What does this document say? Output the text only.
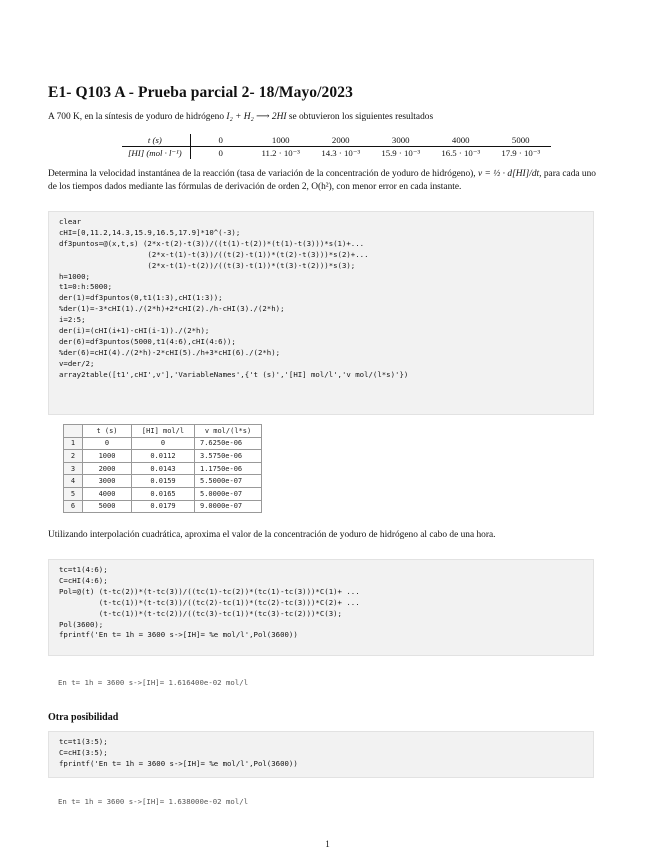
E1- Q103 A - Prueba parcial 2- 18/Mayo/2023
A 700 K, en la síntesis de yoduro de hidrógeno I₂ + H₂ ⟶ 2HI se obtuvieron los siguientes resultados
t (s)	0	1000	2000	3000	4000	5000
[HI] (mol · l⁻¹)	0	11.2 · 10⁻³	14.3 · 10⁻³	15.9 · 10⁻³	16.5 · 10⁻³	17.9 · 10⁻³
Determina la velocidad instantánea de la reacción (tasa de variación de la concentración de yoduro de hidrógeno), v = ½ · d[HI]/dt, para cada uno de los tiempos dados mediante las fórmulas de derivación de orden 2, O(h²), con menor error en cada instante.
clear
cHI=[0,11.2,14.3,15.9,16.5,17.9]*10^(-3);
df3puntos=@(x,t,s) (2*x-t(2)-t(3))/((t(1)-t(2))*(t(1)-t(3)))*s(1)+...
(2*x-t(1)-t(3))/((t(2)-t(1))*(t(2)-t(3)))*s(2)+...
(2*x-t(1)-t(2))/((t(3)-t(1))*(t(3)-t(2)))*s(3);
h=1000;
t1=0:h:5000;
der(1)=df3puntos(0,t1(1:3),cHI(1:3));
%der(1)=-3*cHI(1)./(2*h)+2*cHI(2)./h-cHI(3)./(2*h);
i=2:5;
der(i)=(cHI(i+1)-cHI(i-1))./(2*h);
der(6)=df3puntos(5000,t1(4:6),cHI(4:6));
%der(6)=cHI(4)./(2*h)-2*cHI(5)./h+3*cHI(6)./(2*h);
v=der/2;
array2table([t1',cHI',v'],'VariableNames',{'t (s)','[HI] mol/l','v mol/(l*s)'})
	t (s)	[HI] mol/l	v mol/(l*s)
1	0	0	7.6250e-06
2	1000	0.0112	3.5750e-06
3	2000	0.0143	1.1750e-06
4	3000	0.0159	5.5000e-07
5	4000	0.0165	5.0000e-07
6	5000	0.0179	9.0000e-07
Utilizando interpolación cuadrática, aproxima el valor de la concentración de yoduro de hidrógeno al cabo de una hora.
tc=t1(4:6);
C=cHI(4:6);
Pol=@(t) (t-tc(2))*(t-tc(3))/((tc(1)-tc(2))*(tc(1)-tc(3)))*C(1)+ ...
(t-tc(1))*(t-tc(3))/((tc(2)-tc(1))*(tc(2)-tc(3)))*C(2)+ ...
(t-tc(1))*(t-tc(2))/((tc(3)-tc(1))*(tc(3)-tc(2)))*C(3);
Pol(3600);
fprintf('En t= 1h = 3600 s->[IH]= %e mol/l',Pol(3600))
En t= 1h = 3600 s->[IH]= 1.616400e-02 mol/l
Otra posibilidad
tc=t1(3:5);
C=cHI(3:5);
fprintf('En t= 1h = 3600 s->[IH]= %e mol/l',Pol(3600))
En t= 1h = 3600 s->[IH]= 1.638000e-02 mol/l
1
